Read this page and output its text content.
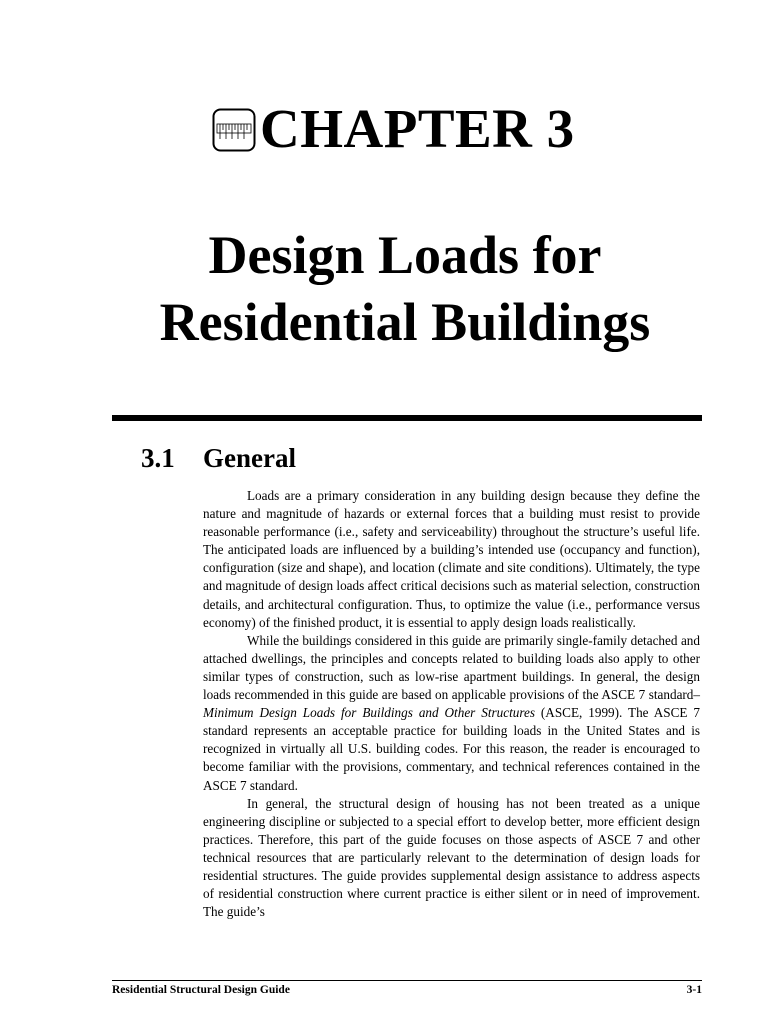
CHAPTER 3
Design Loads for
Residential Buildings
3.1 General

Loads are a primary consideration in any building design because they define the nature and magnitude of hazards or external forces that a building must resist to provide reasonable performance (i.e., safety and serviceability) throughout the structure’s useful life. The anticipated loads are influenced by a building’s intended use (occupancy and function), configuration (size and shape), and location (climate and site conditions). Ultimately, the type and magnitude of design loads affect critical decisions such as material selection, construction details, and architectural configuration. Thus, to optimize the value (i.e., performance versus economy) of the finished product, it is essential to apply design loads realistically.

While the buildings considered in this guide are primarily single-family detached and attached dwellings, the principles and concepts related to building loads also apply to other similar types of construction, such as low-rise apartment buildings. In general, the design loads recommended in this guide are based on applicable provisions of the ASCE 7 standard–Minimum Design Loads for Buildings and Other Structures (ASCE, 1999). The ASCE 7 standard represents an acceptable practice for building loads in the United States and is recognized in virtually all U.S. building codes. For this reason, the reader is encouraged to become familiar with the provisions, commentary, and technical references contained in the ASCE 7 standard.

In general, the structural design of housing has not been treated as a unique engineering discipline or subjected to a special effort to develop better, more efficient design practices. Therefore, this part of the guide focuses on those aspects of ASCE 7 and other technical resources that are particularly relevant to the determination of design loads for residential structures. The guide provides supplemental design assistance to address aspects of residential construction where current practice is either silent or in need of improvement. The guide’s

Residential Structural Design Guide	3-1
